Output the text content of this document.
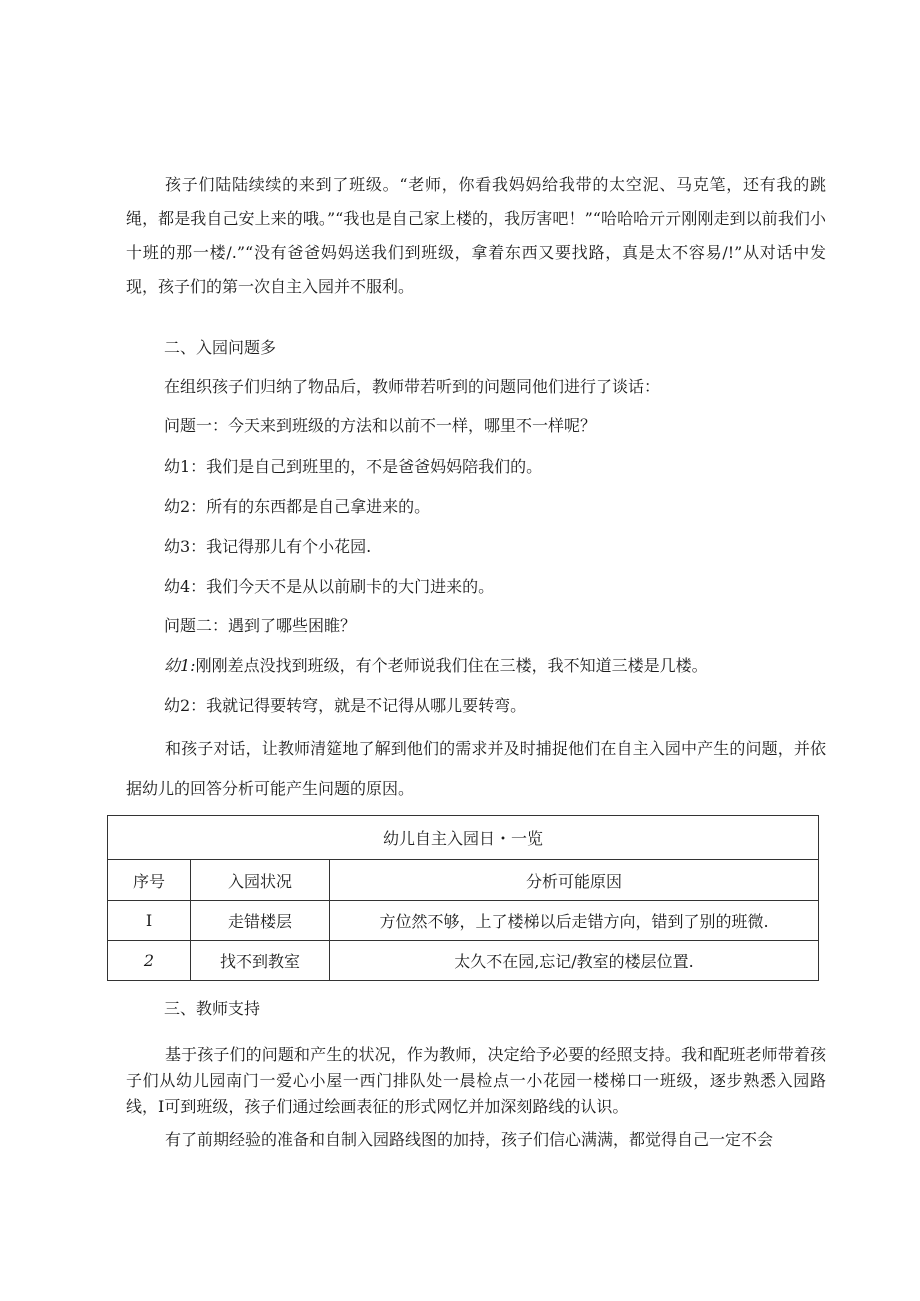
孩子们陆陆续续的来到了班级。“老师，你看我妈妈给我带的太空泥、马克笔，还有我的跳绳，都是我自己安上来的哦。”“我也是自己家上楼的，我厉害吧！”“哈哈哈亓亓刚刚走到以前我们小十班的那一楼/.”“没有爸爸妈妈送我们到班级，拿着东西又要找路，真是太不容易/!”从对话中发现，孩子们的第一次自主入园并不服利。

二、入园问题多

在组织孩子们归纳了物品后，教师带若听到的问题同他们进行了谈话：

问题一：今天来到班级的方法和以前不一样，哪里不一样呢？

幼1：我们是自己到班里的，不是爸爸妈妈陪我们的。

幼2：所有的东西都是自己拿进来的。

幼3：我记得那儿有个小花园.

幼4：我们今天不是从以前刷卡的大门进来的。

问题二：遇到了哪些困睢？

幼1:刚刚差点没找到班级，有个老师说我们住在三楼，我不知道三楼是几楼。

幼2：我就记得要转穹，就是不记得从哪儿要转弯。

和孩子对话，让教师清筵地了解到他们的需求并及时捕捉他们在自主入园中产生的问题，并依据幼儿的回答分析可能产生问题的原因。

幼儿自主入园日・一览		
序号	入园状况	分析可能原因
I	走错楼层	方位然不够，上了楼梯以后走错方向，错到了别的班微.
2	找不到教室	太久不在园,忘记/教室的楼层位置.

三、教师支持

基于孩子们的问题和产生的状况，作为教师，决定给予必要的经照支持。我和配班老师带着孩子们从幼儿园南门一爱心小屋一西门排队处一晨检点一小花园一楼梯口一班级，逐步熟悉入园路线，I可到班级，孩子们通过绘画表征的形式网忆并加深刻路线的认识。

有了前期经验的准备和自制入园路线图的加持，孩子们信心满满，都觉得自己一定不会
